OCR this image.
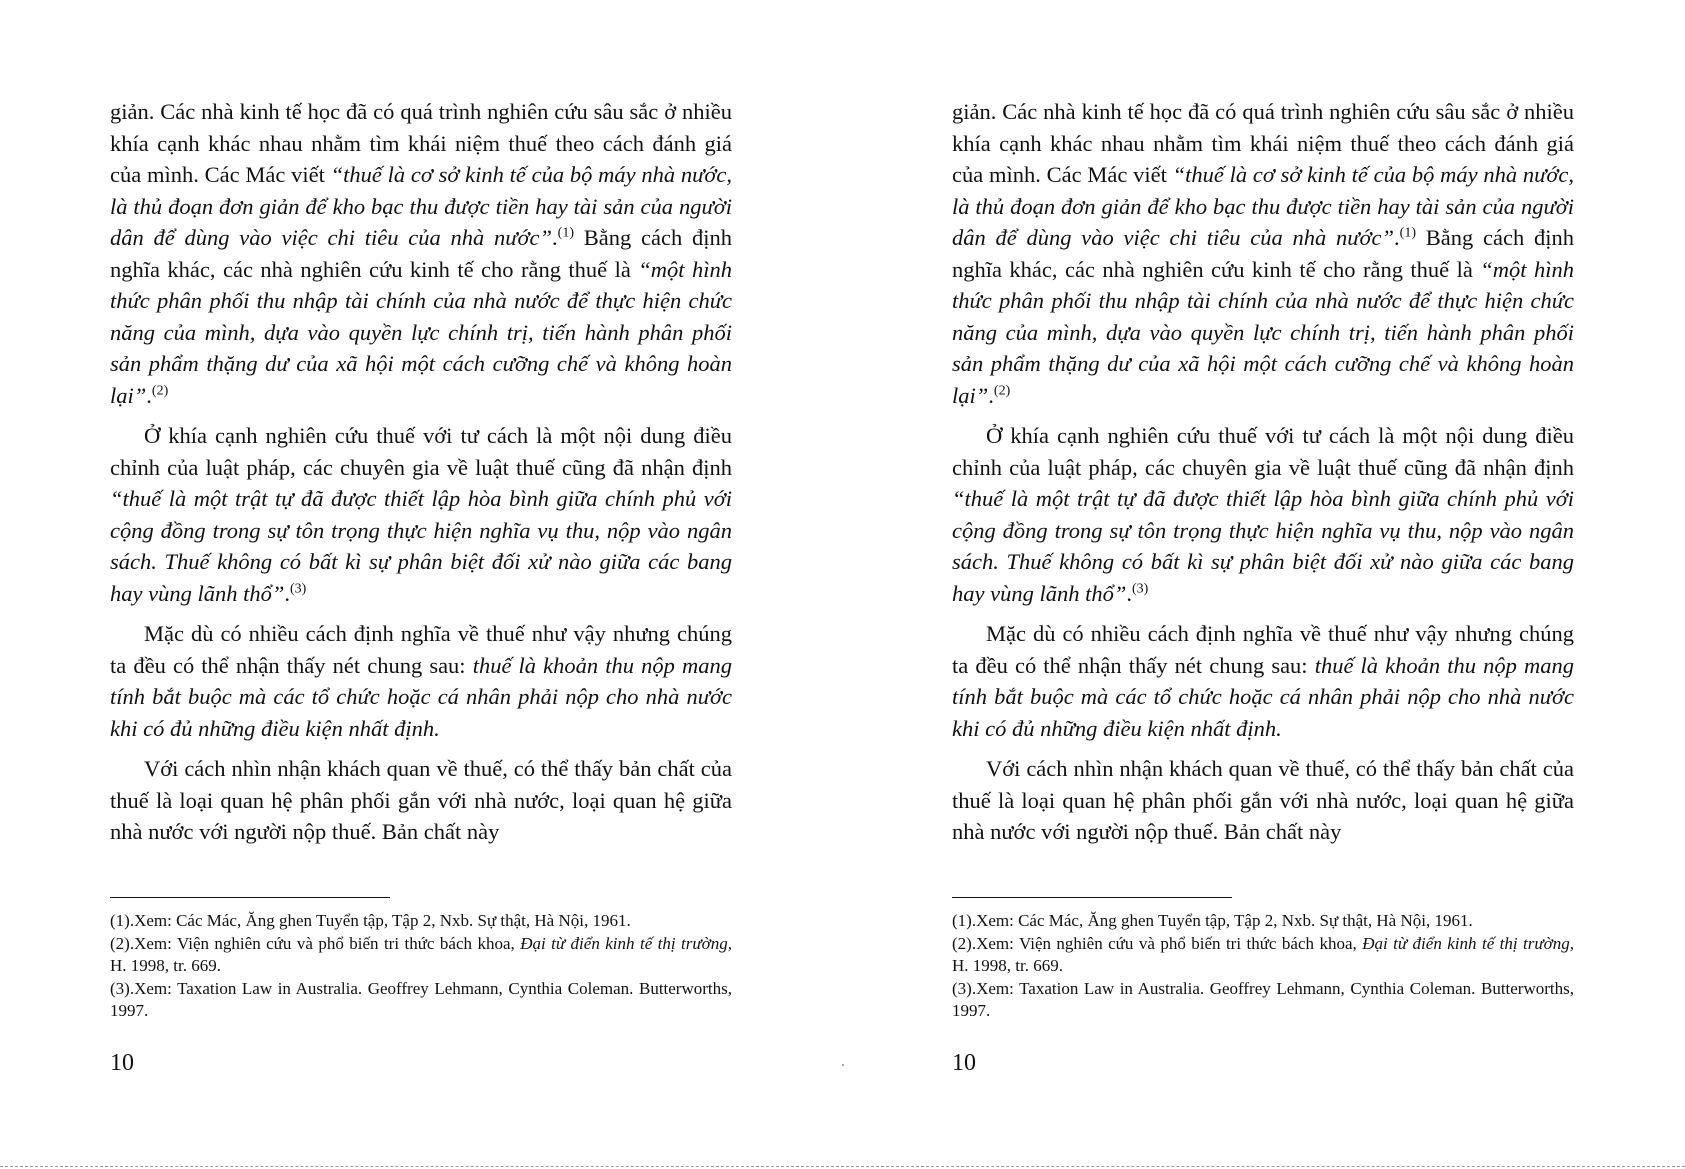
giản. Các nhà kinh tế học đã có quá trình nghiên cứu sâu sắc ở nhiều khía cạnh khác nhau nhằm tìm khái niệm thuế theo cách đánh giá của mình. Các Mác viết “thuế là cơ sở kinh tế của bộ máy nhà nước, là thủ đoạn đơn giản để kho bạc thu được tiền hay tài sản của người dân để dùng vào việc chi tiêu của nhà nước”.$^{(1)}$ Bằng cách định nghĩa khác, các nhà nghiên cứu kinh tế cho rằng thuế là “một hình thức phân phối thu nhập tài chính của nhà nước để thực hiện chức năng của mình, dựa vào quyền lực chính trị, tiến hành phân phối sản phẩm thặng dư của xã hội một cách cưỡng chế và không hoàn lại”.$^{(2)}$

Ở khía cạnh nghiên cứu thuế với tư cách là một nội dung điều chỉnh của luật pháp, các chuyên gia về luật thuế cũng đã nhận định “thuế là một trật tự đã được thiết lập hòa bình giữa chính phủ với cộng đồng trong sự tôn trọng thực hiện nghĩa vụ thu, nộp vào ngân sách. Thuế không có bất kì sự phân biệt đối xử nào giữa các bang hay vùng lãnh thổ”.$^{(3)}$

Mặc dù có nhiều cách định nghĩa về thuế như vậy nhưng chúng ta đều có thể nhận thấy nét chung sau: thuế là khoản thu nộp mang tính bắt buộc mà các tổ chức hoặc cá nhân phải nộp cho nhà nước khi có đủ những điều kiện nhất định.

Với cách nhìn nhận khách quan về thuế, có thể thấy bản chất của thuế là loại quan hệ phân phối gắn với nhà nước, loại quan hệ giữa nhà nước với người nộp thuế. Bản chất này

(1).Xem: Các Mác, Ăng ghen Tuyển tập, Tập 2, Nxb. Sự thật, Hà Nội, 1961.

(2).Xem: Viện nghiên cứu và phổ biến tri thức bách khoa, Đại từ điển kinh tế thị trường, H. 1998, tr. 669.

(3).Xem: Taxation Law in Australia. Geoffrey Lehmann, Cynthia Coleman. Butterworths, 1997.

10

giản. Các nhà kinh tế học đã có quá trình nghiên cứu sâu sắc ở nhiều khía cạnh khác nhau nhằm tìm khái niệm thuế theo cách đánh giá của mình. Các Mác viết “thuế là cơ sở kinh tế của bộ máy nhà nước, là thủ đoạn đơn giản để kho bạc thu được tiền hay tài sản của người dân để dùng vào việc chi tiêu của nhà nước”.$^{(1)}$ Bằng cách định nghĩa khác, các nhà nghiên cứu kinh tế cho rằng thuế là “một hình thức phân phối thu nhập tài chính của nhà nước để thực hiện chức năng của mình, dựa vào quyền lực chính trị, tiến hành phân phối sản phẩm thặng dư của xã hội một cách cưỡng chế và không hoàn lại”.$^{(2)}$

Ở khía cạnh nghiên cứu thuế với tư cách là một nội dung điều chỉnh của luật pháp, các chuyên gia về luật thuế cũng đã nhận định “thuế là một trật tự đã được thiết lập hòa bình giữa chính phủ với cộng đồng trong sự tôn trọng thực hiện nghĩa vụ thu, nộp vào ngân sách. Thuế không có bất kì sự phân biệt đối xử nào giữa các bang hay vùng lãnh thổ”.$^{(3)}$

Mặc dù có nhiều cách định nghĩa về thuế như vậy nhưng chúng ta đều có thể nhận thấy nét chung sau: thuế là khoản thu nộp mang tính bắt buộc mà các tổ chức hoặc cá nhân phải nộp cho nhà nước khi có đủ những điều kiện nhất định.

Với cách nhìn nhận khách quan về thuế, có thể thấy bản chất của thuế là loại quan hệ phân phối gắn với nhà nước, loại quan hệ giữa nhà nước với người nộp thuế. Bản chất này

(1).Xem: Các Mác, Ăng ghen Tuyển tập, Tập 2, Nxb. Sự thật, Hà Nội, 1961.

(2).Xem: Viện nghiên cứu và phổ biến tri thức bách khoa, Đại từ điển kinh tế thị trường, H. 1998, tr. 669.

(3).Xem: Taxation Law in Australia. Geoffrey Lehmann, Cynthia Coleman. Butterworths, 1997.

10
